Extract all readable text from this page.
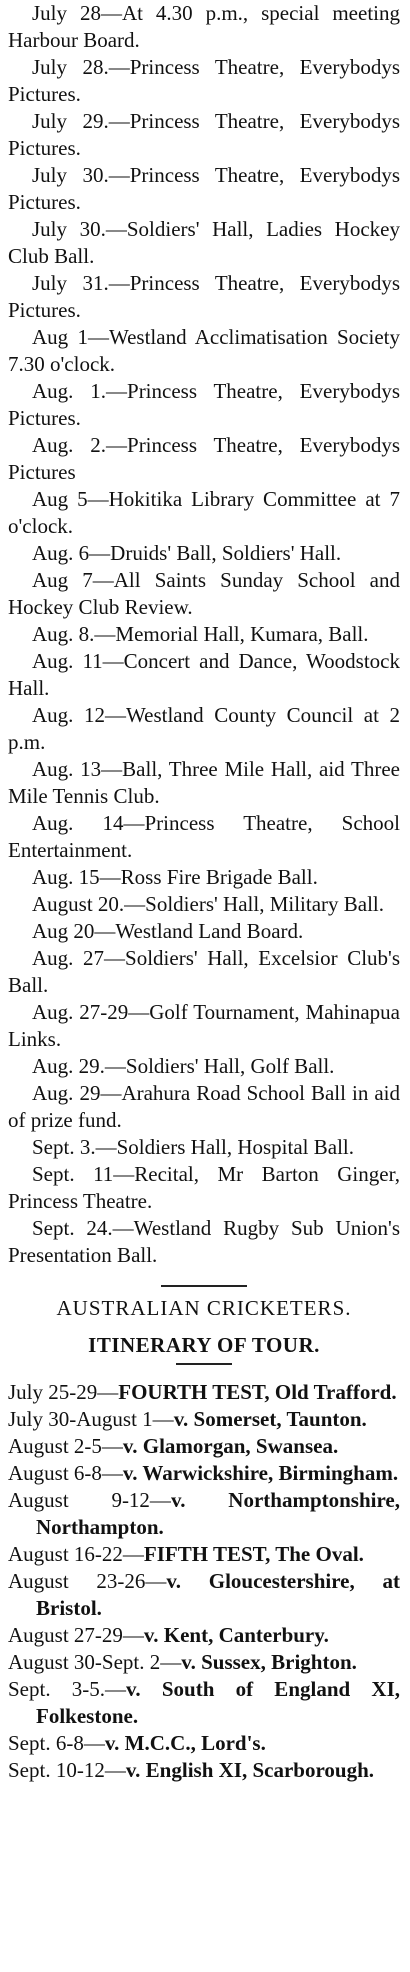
July 28—At 4.30 p.m., special meeting Harbour Board.

July 28.—Princess Theatre, Everybodys Pictures.

July 29.—Princess Theatre, Everybodys Pictures.

July 30.—Princess Theatre, Everybodys Pictures.

July 30.—Soldiers' Hall, Ladies Hockey Club Ball.

July 31.—Princess Theatre, Everybodys Pictures.

Aug 1—Westland Acclimatisation Society 7.30 o'clock.

Aug. 1.—Princess Theatre, Everybodys Pictures.

Aug. 2.—Princess Theatre, Everybodys Pictures

Aug 5—Hokitika Library Committee at 7 o'clock.

Aug. 6—Druids' Ball, Soldiers' Hall.

Aug 7—All Saints Sunday School and Hockey Club Review.

Aug. 8.—Memorial Hall, Kumara, Ball.

Aug. 11—Concert and Dance, Woodstock Hall.

Aug. 12—Westland County Council at 2 p.m.

Aug. 13—Ball, Three Mile Hall, aid Three Mile Tennis Club.

Aug. 14—Princess Theatre, School Entertainment.

Aug. 15—Ross Fire Brigade Ball.

August 20.—Soldiers' Hall, Military Ball.

Aug 20—Westland Land Board.

Aug. 27—Soldiers' Hall, Excelsior Club's Ball.

Aug. 27-29—Golf Tournament, Mahinapua Links.

Aug. 29.—Soldiers' Hall, Golf Ball.

Aug. 29—Arahura Road School Ball in aid of prize fund.

Sept. 3.—Soldiers Hall, Hospital Ball.

Sept. 11—Recital, Mr Barton Ginger, Princess Theatre.

Sept. 24.—Westland Rugby Sub Union's Presentation Ball.

AUSTRALIAN CRICKETERS.

ITINERARY OF TOUR.

July 25-29—FOURTH TEST, Old Trafford.

July 30-August 1—v. Somerset, Taunton.

August 2-5—v. Glamorgan, Swansea.

August 6-8—v. Warwickshire, Birmingham.

August 9-12—v. Northamptonshire, Northampton.

August 16-22—FIFTH TEST, The Oval.

August 23-26—v. Gloucestershire, at Bristol.

August 27-29—v. Kent, Canterbury.

August 30-Sept. 2—v. Sussex, Brighton.

Sept. 3-5.—v. South of England XI, Folkestone.

Sept. 6-8—v. M.C.C., Lord's.

Sept. 10-12—v. English XI, Scarborough.
